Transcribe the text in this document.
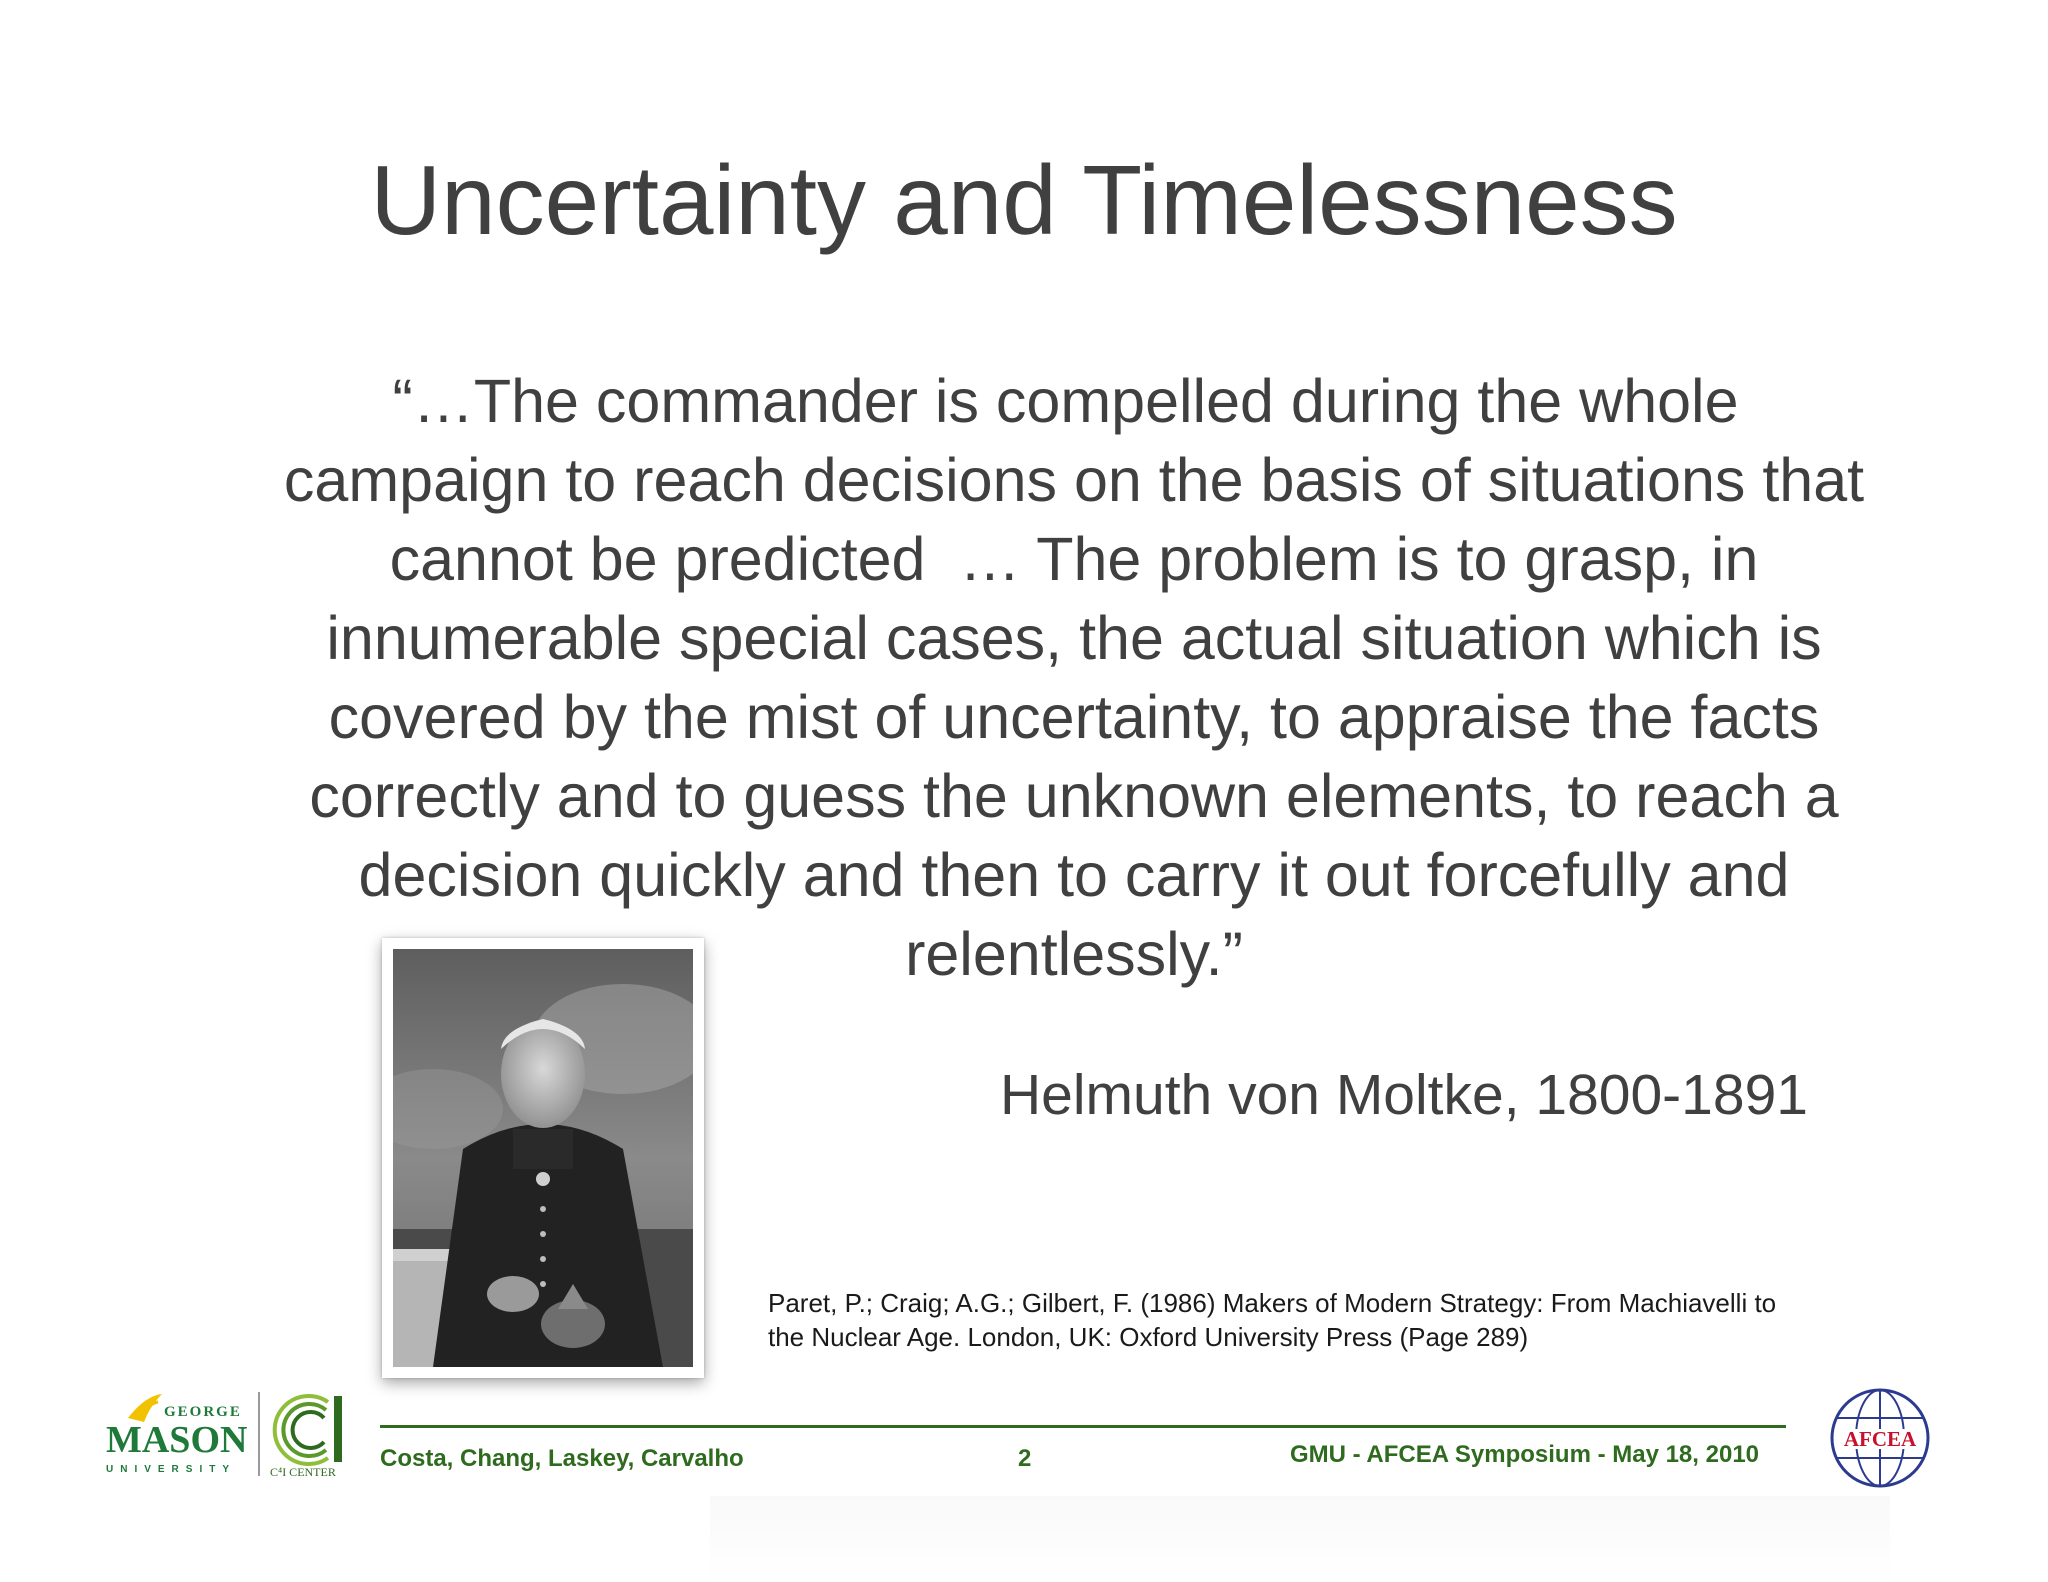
Uncertainty and Timelessness
“…The commander is compelled during the whole
campaign to reach decisions on the basis of situations that
cannot be predicted  … The problem is to grasp, in
innumerable special cases, the actual situation which is
covered by the mist of uncertainty, to appraise the facts
correctly and to guess the unknown elements, to reach a
decision quickly and then to carry it out forcefully and
relentlessly.”
Helmuth von Moltke, 1800-1891
Paret, P.; Craig; A.G.; Gilbert, F. (1986) Makers of Modern Strategy: From Machiavelli to
the Nuclear Age. London, UK: Oxford University Press (Page 289)
GEORGE
MASON
UNIVERSITY	C⁴I CENTER Costa, Chang, Laskey, Carvalho	2	GMU - AFCEA Symposium - May 18, 2010
AFCEA
